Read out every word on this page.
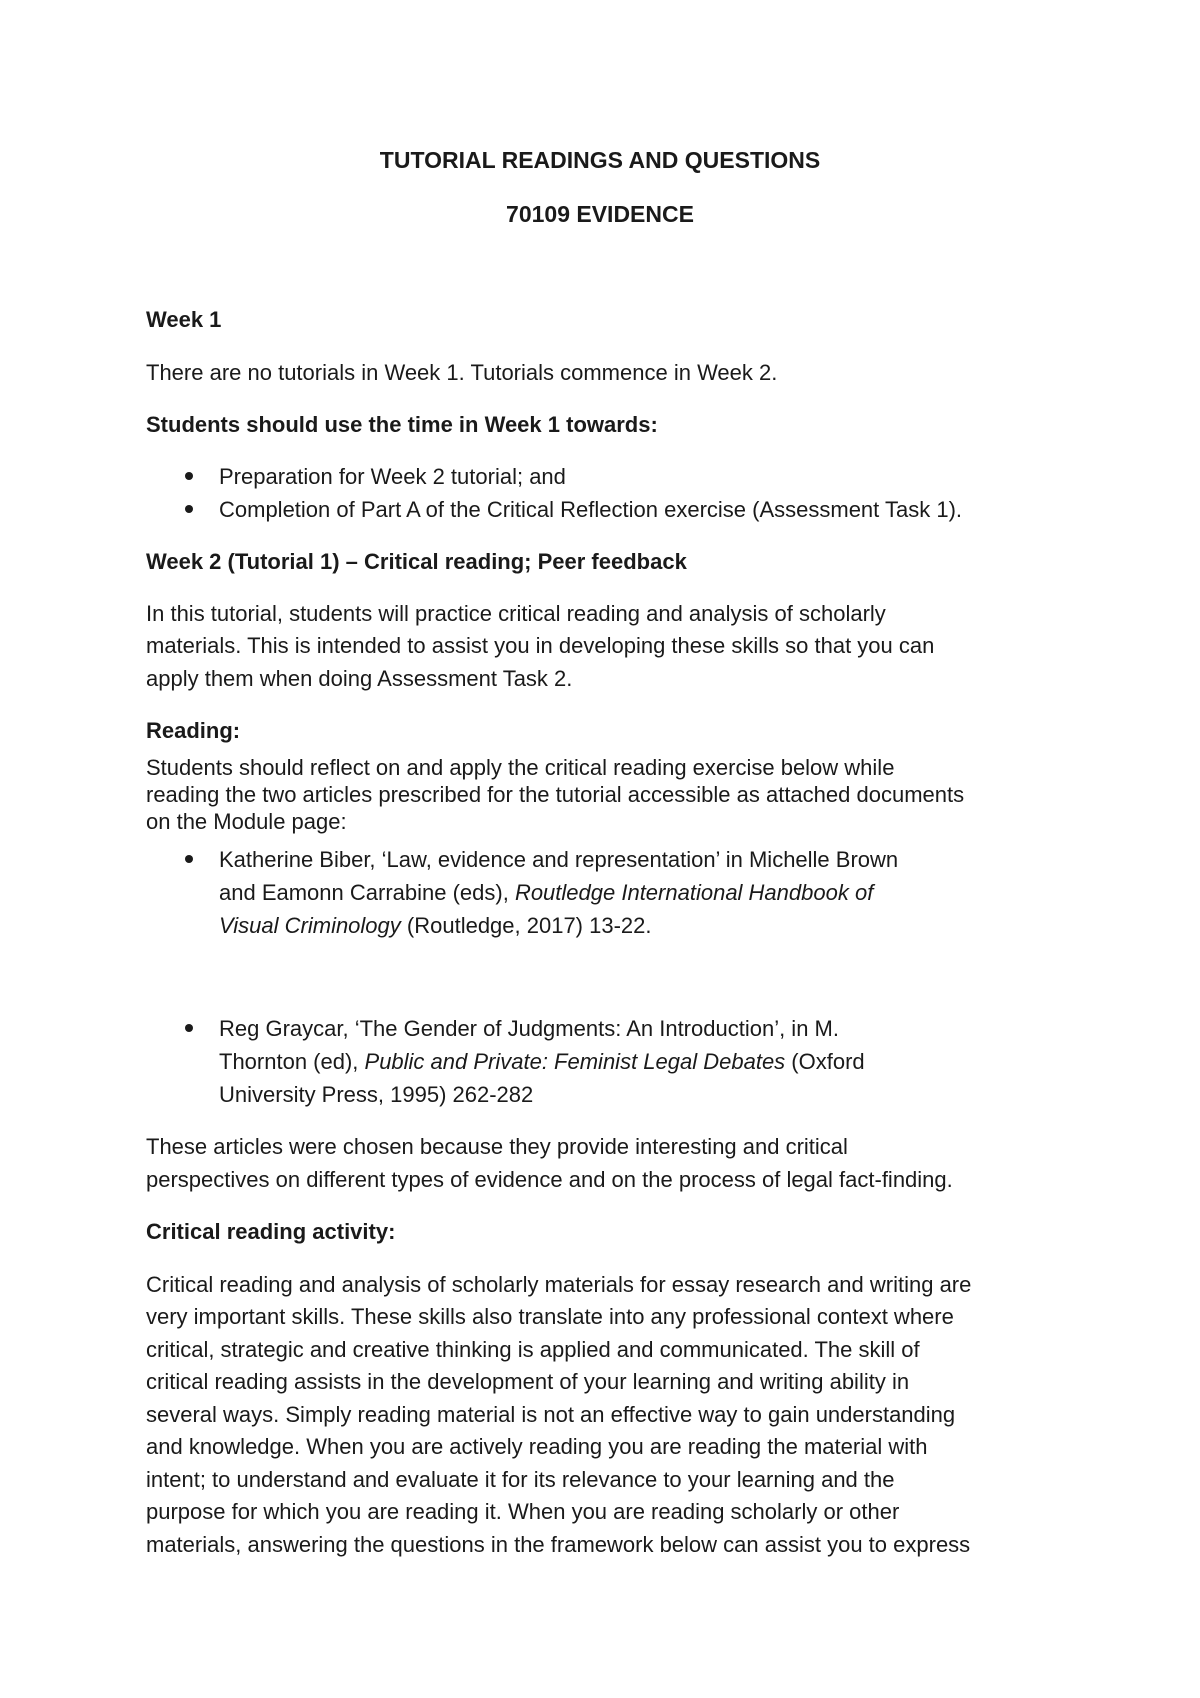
TUTORIAL READINGS AND QUESTIONS
70109 EVIDENCE
Week 1
There are no tutorials in Week 1. Tutorials commence in Week 2.
Students should use the time in Week 1 towards:
Preparation for Week 2 tutorial; and
Completion of Part A of the Critical Reflection exercise (Assessment Task 1).
Week 2 (Tutorial 1) – Critical reading; Peer feedback
In this tutorial, students will practice critical reading and analysis of scholarly
materials. This is intended to assist you in developing these skills so that you can
apply them when doing Assessment Task 2.
Reading:
Students should reflect on and apply the critical reading exercise below while
reading the two articles prescribed for the tutorial accessible as attached documents
on the Module page:
Katherine Biber, ‘Law, evidence and representation’ in Michelle Brown
and Eamonn Carrabine (eds), Routledge International Handbook of
Visual Criminology (Routledge, 2017) 13-22.
Reg Graycar, ‘The Gender of Judgments: An Introduction’, in M.
Thornton (ed), Public and Private: Feminist Legal Debates (Oxford
University Press, 1995) 262-282
These articles were chosen because they provide interesting and critical
perspectives on different types of evidence and on the process of legal fact-finding.
Critical reading activity:
Critical reading and analysis of scholarly materials for essay research and writing are
very important skills. These skills also translate into any professional context where
critical, strategic and creative thinking is applied and communicated. The skill of
critical reading assists in the development of your learning and writing ability in
several ways. Simply reading material is not an effective way to gain understanding
and knowledge. When you are actively reading you are reading the material with
intent; to understand and evaluate it for its relevance to your learning and the
purpose for which you are reading it. When you are reading scholarly or other
materials, answering the questions in the framework below can assist you to express
